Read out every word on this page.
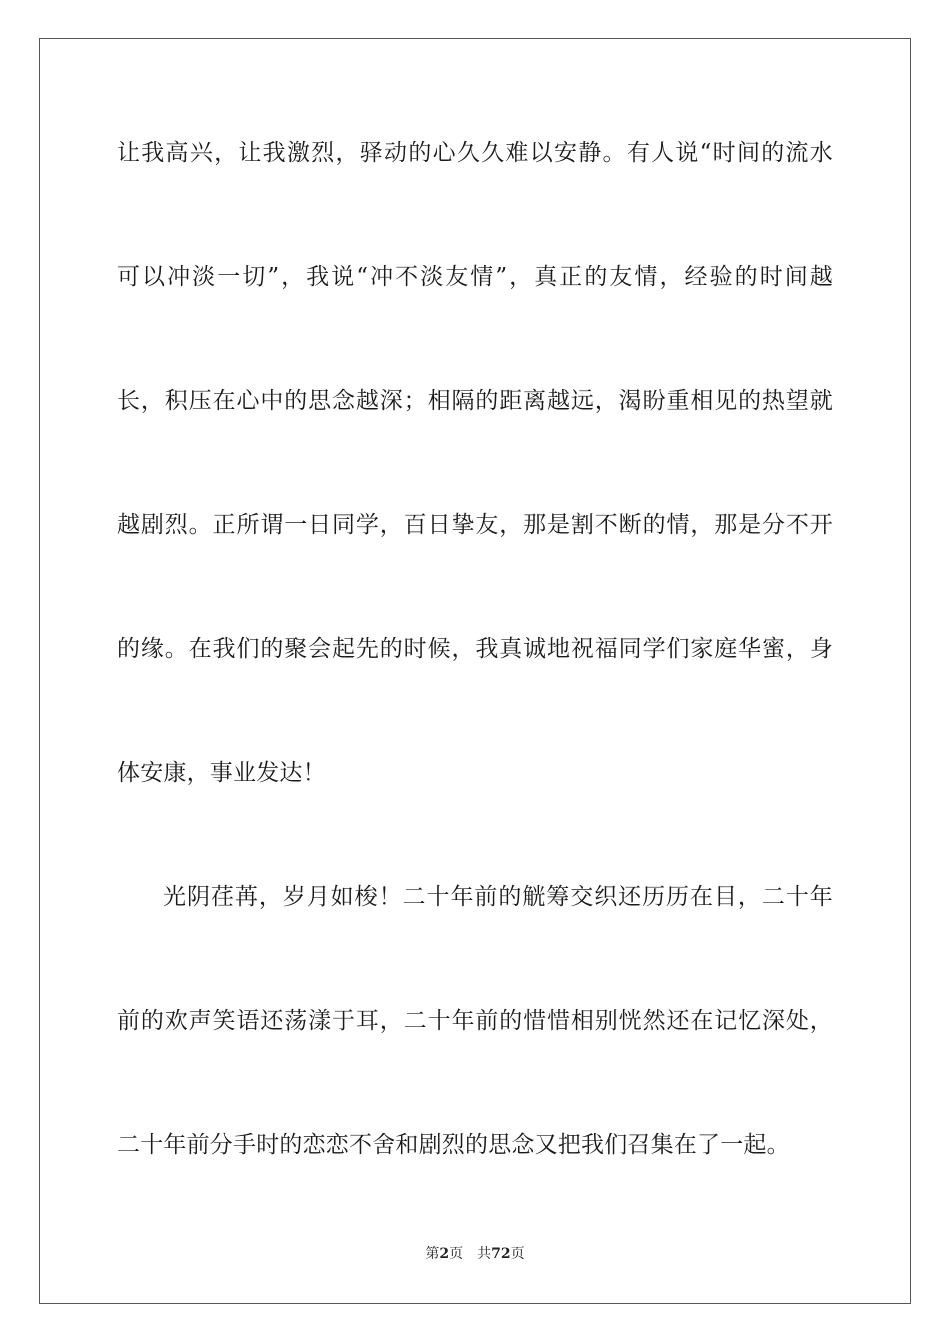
让我高兴，让我激烈，驿动的心久久难以安静。有人说“时间的流水
可以冲淡一切”，我说“冲不淡友情”，真正的友情，经验的时间越
长，积压在心中的思念越深；相隔的距离越远，渴盼重相见的热望就
越剧烈。正所谓一日同学，百日挚友，那是割不断的情，那是分不开
的缘。在我们的聚会起先的时候，我真诚地祝福同学们家庭华蜜，身
体安康，事业发达！
光阴荏苒，岁月如梭！二十年前的觥筹交织还历历在目，二十年
前的欢声笑语还荡漾于耳，二十年前的惜惜相别恍然还在记忆深处，
二十年前分手时的恋恋不舍和剧烈的思念又把我们召集在了一起。
第2页 共72页
